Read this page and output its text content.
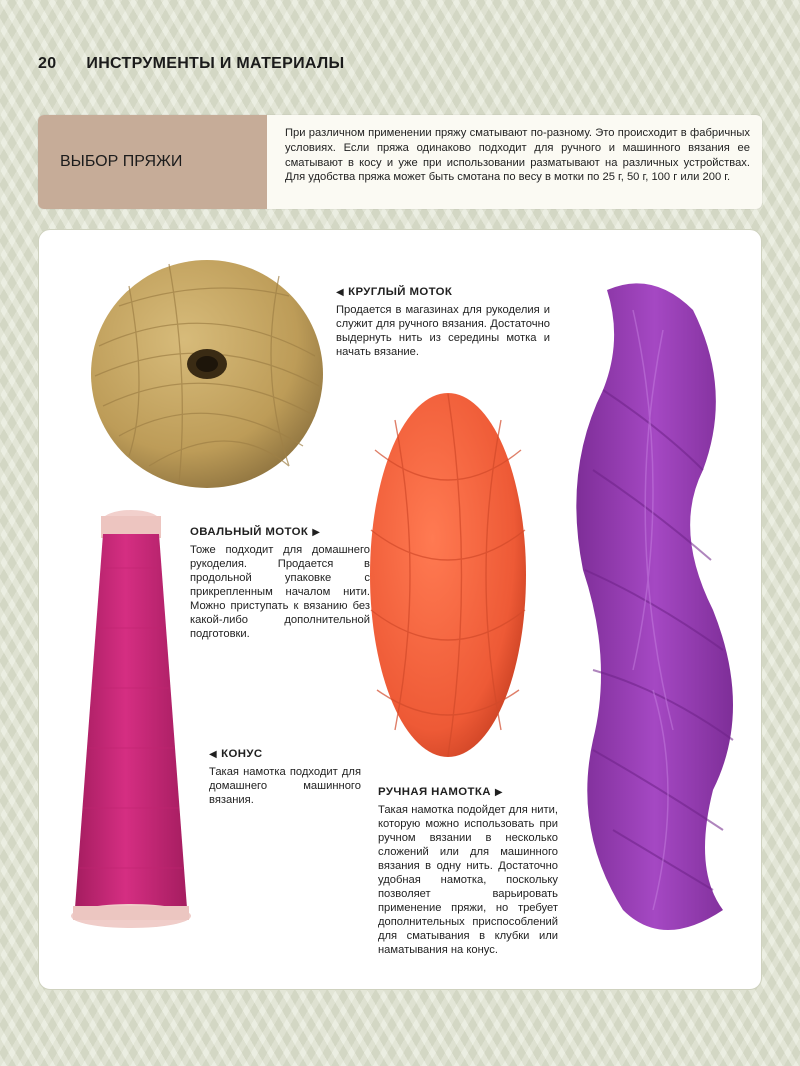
20 ИНСТРУМЕНТЫ И МАТЕРИАЛЫ
ВЫБОР ПРЯЖИ
При различном применении пряжу сматывают по-разному. Это происходит в фабричных условиях. Если пряжа одинаково подходит для ручного и машинного вязания ее сматывают в косу и уже при использовании разматывают на различных устройствах. Для удобства пряжа может быть смотана по весу в мотки по 25 г, 50 г, 100 г или 200 г.
◀ КРУГЛЫЙ МОТОК
Продается в магазинах для рукоделия и служит для ручного вязания. Достаточно выдернуть нить из середины мотка и начать вязание.
ОВАЛЬНЫЙ МОТОК ▶
Тоже подходит для домашнего рукоделия. Продается в продольной упаковке с прикрепленным началом нити. Можно приступать к вязанию без какой-либо дополнительной подготовки.
◀ КОНУС
Такая намотка подходит для домашнего машинного вязания.
РУЧНАЯ НАМОТКА ▶
Такая намотка подойдет для нити, которую можно использовать при ручном вязании в несколько сложений или для машинного вязания в одну нить. Достаточно удобная намотка, поскольку позволяет варьировать применение пряжи, но требует дополнительных приспособлений для сматывания в клубки или наматывания на конус.
